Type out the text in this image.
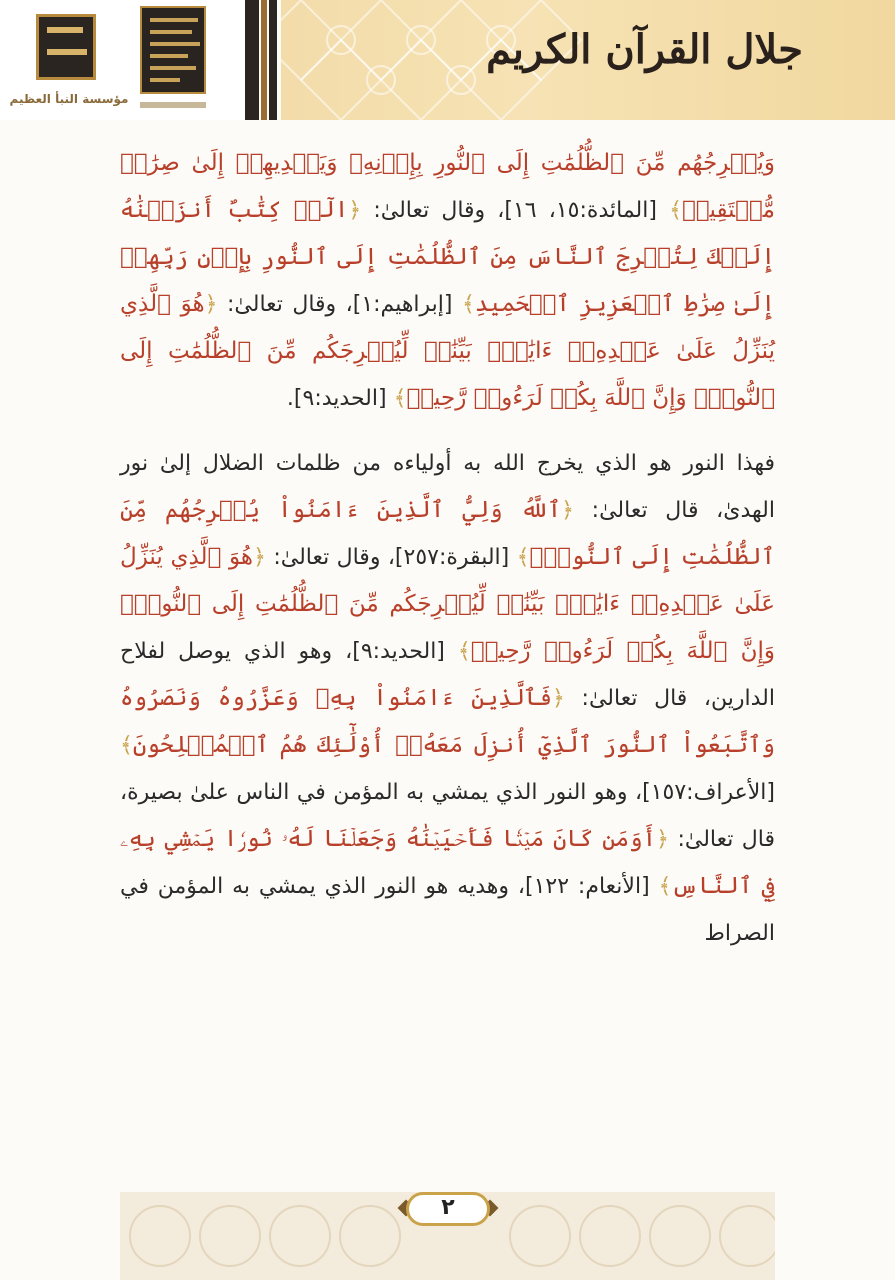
مؤسسة النبأ العظيم
جلال القرآن الكريم

وَيُخۡرِجُهُم مِّنَ ٱلظُّلُمَٰتِ إِلَى ٱلنُّورِ بِإِذۡنِهِۦ وَيَهۡدِيهِمۡ إِلَىٰ صِرَٰطٖ مُّسۡتَقِيمٖ﴾ [المائدة:١٥، ١٦]، وقال تعالىٰ: ﴿الٓرۚ كِتَٰبٌ أَنزَلۡنَٰهُ إِلَيۡكَ لِتُخۡرِجَ ٱلنَّاسَ مِنَ ٱلظُّلُمَٰتِ إِلَى ٱلنُّورِ بِإِذۡنِ رَبِّهِمۡ إِلَىٰ صِرَٰطِ ٱلۡعَزِيزِ ٱلۡحَمِيدِ﴾ [إبراهيم:١]، وقال تعالىٰ: ﴿هُوَ ٱلَّذِي يُنَزِّلُ عَلَىٰ عَبۡدِهِۦٓ ءَايَٰتِۭ بَيِّنَٰتٖ لِّيُخۡرِجَكُم مِّنَ ٱلظُّلُمَٰتِ إِلَى ٱلنُّورِۚ وَإِنَّ ٱللَّهَ بِكُمۡ لَرَءُوفٞ رَّحِيمٞ﴾ [الحديد:٩].

فهذا النور هو الذي يخرج الله به أولياءه من ظلمات الضلال إلىٰ نور الهدىٰ، قال تعالىٰ: ﴿ٱللَّهُ وَلِيُّ ٱلَّذِينَ ءَامَنُواْ يُخۡرِجُهُم مِّنَ ٱلظُّلُمَٰتِ إِلَى ٱلنُّورِۖ﴾ [البقرة:٢٥٧]، وقال تعالىٰ: ﴿هُوَ ٱلَّذِي يُنَزِّلُ عَلَىٰ عَبۡدِهِۦٓ ءَايَٰتِۭ بَيِّنَٰتٖ لِّيُخۡرِجَكُم مِّنَ ٱلظُّلُمَٰتِ إِلَى ٱلنُّورِۚ وَإِنَّ ٱللَّهَ بِكُمۡ لَرَءُوفٞ رَّحِيمٞ﴾ [الحديد:٩]، وهو الذي يوصل لفلاح الدارين، قال تعالىٰ: ﴿فَٱلَّذِينَ ءَامَنُواْ بِهِۦ وَعَزَّرُوهُ وَنَصَرُوهُ وَٱتَّبَعُواْ ٱلنُّورَ ٱلَّذِيٓ أُنزِلَ مَعَهُۥٓ أُوْلَٰٓئِكَ هُمُ ٱلۡمُفۡلِحُونَ﴾ [الأعراف:١٥٧]، وهو النور الذي يمشي به المؤمن في الناس علىٰ بصيرة، قال تعالىٰ: ﴿أَوَمَن كَانَ مَيۡتٗا فَأَحۡيَيۡنَٰهُ وَجَعَلۡنَا لَهُۥ نُورٗا يَمۡشِي بِهِۦ فِي ٱلنَّاسِ﴾ [الأنعام: ١٢٢]، وهديه هو النور الذي يمشي به المؤمن في الصراط

٢
